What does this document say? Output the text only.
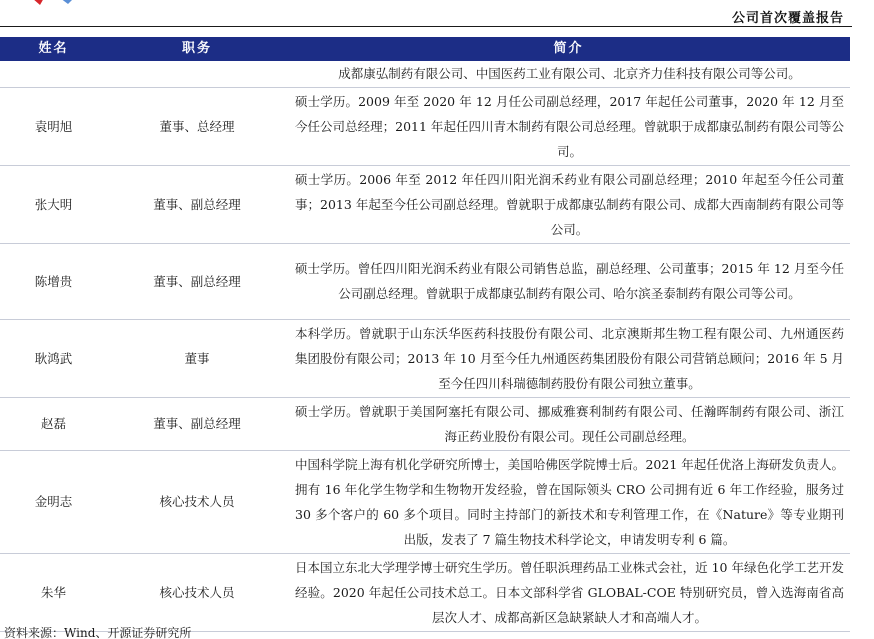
公司首次覆盖报告
姓名	职务	简介
		成都康弘制药有限公司、中国医药工业有限公司、北京齐力佳科技有限公司等公司。
袁明旭	董事、总经理	硕士学历。2009 年至 2020 年 12 月任公司副总经理，2017 年起任公司董事，2020 年 12 月至今任公司总经理；2011 年起任四川青木制药有限公司总经理。曾就职于成都康弘制药有限公司等公司。
张大明	董事、副总经理	硕士学历。2006 年至 2012 年任四川阳光润禾药业有限公司副总经理；2010 年起至今任公司董事；2013 年起至今任公司副总经理。曾就职于成都康弘制药有限公司、成都大西南制药有限公司等公司。
陈增贵	董事、副总经理	硕士学历。曾任四川阳光润禾药业有限公司销售总监，副总经理、公司董事；2015 年 12 月至今任公司副总经理。曾就职于成都康弘制药有限公司、哈尔滨圣泰制药有限公司等公司。
耿鸿武	董事	本科学历。曾就职于山东沃华医药科技股份有限公司、北京澳斯邦生物工程有限公司、九州通医药集团股份有限公司；2013 年 10 月至今任九州通医药集团股份有限公司营销总顾问；2016 年 5 月至今任四川科瑞德制药股份有限公司独立董事。
赵磊	董事、副总经理	硕士学历。曾就职于美国阿塞托有限公司、挪威雅赛利制药有限公司、任瀚晖制药有限公司、浙江海正药业股份有限公司。现任公司副总经理。
金明志	核心技术人员	中国科学院上海有机化学研究所博士，美国哈佛医学院博士后。2021 年起任优洛上海研发负责人。拥有 16 年化学生物学和生物物开发经验，曾在国际领头 CRO 公司拥有近 6 年工作经验，服务过 30 多个客户的 60 多个项目。同时主持部门的新技术和专利管理工作，在《Nature》等专业期刊出版，发表了 7 篇生物技术科学论文，申请发明专利 6 篇。
朱华	核心技术人员	日本国立东北大学理学博士研究生学历。曾任职浜理药品工业株式会社，近 10 年绿色化学工艺开发经验。2020 年起任公司技术总工。日本文部科学省 GLOBAL-COE 特别研究员，曾入选海南省高层次人才、成都高新区急缺紧缺人才和高端人才。
资料来源：Wind、开源证券研究所
